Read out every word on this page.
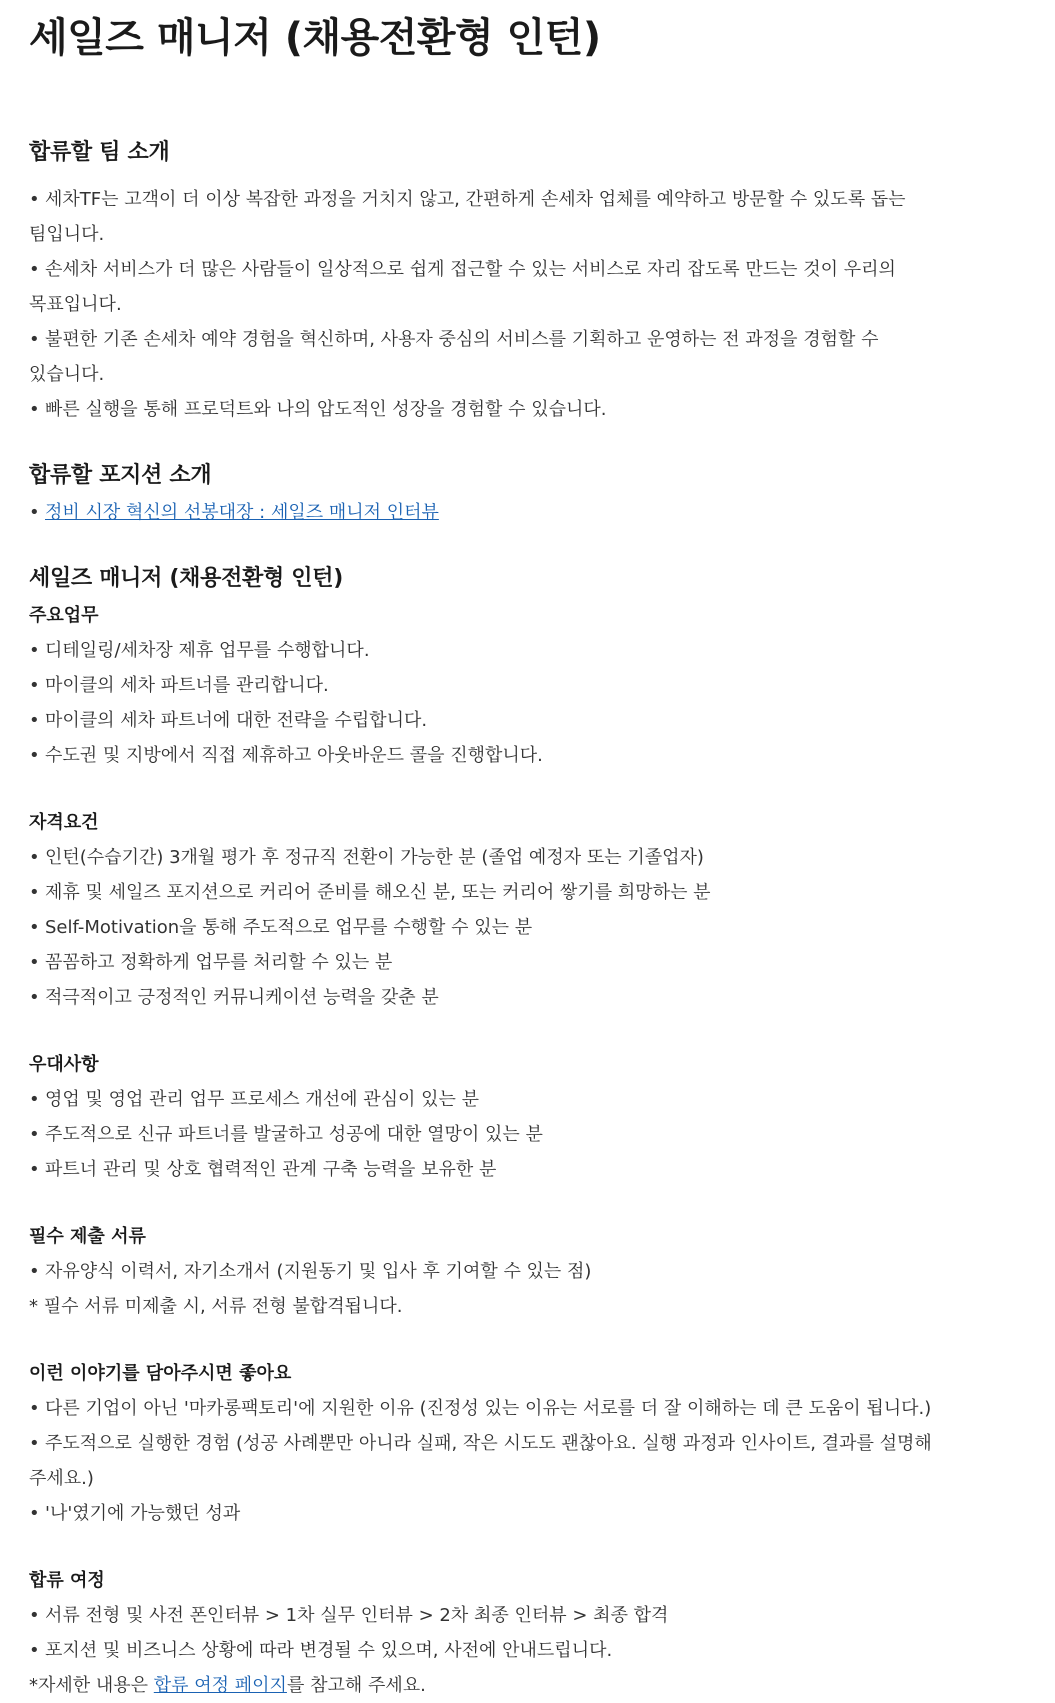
세일즈 매니저 (채용전환형 인턴)
합류할 팀 소개
• 세차TF는 고객이 더 이상 복잡한 과정을 거치지 않고, 간편하게 손세차 업체를 예약하고 방문할 수 있도록 돕는 팀입니다.
• 손세차 서비스가 더 많은 사람들이 일상적으로 쉽게 접근할 수 있는 서비스로 자리 잡도록 만드는 것이 우리의 목표입니다.
• 불편한 기존 손세차 예약 경험을 혁신하며, 사용자 중심의 서비스를 기획하고 운영하는 전 과정을 경험할 수 있습니다.
• 빠른 실행을 통해 프로덕트와 나의 압도적인 성장을 경험할 수 있습니다.
합류할 포지션 소개
• 정비 시장 혁신의 선봉대장 : 세일즈 매니저 인터뷰
세일즈 매니저 (채용전환형 인턴)
주요업무
• 디테일링/세차장 제휴 업무를 수행합니다.
• 마이클의 세차 파트너를 관리합니다.
• 마이클의 세차 파트너에 대한 전략을 수립합니다.
• 수도권 및 지방에서 직접 제휴하고 아웃바운드 콜을 진행합니다.
자격요건
• 인턴(수습기간) 3개월 평가 후 정규직 전환이 가능한 분 (졸업 예정자 또는 기졸업자)
• 제휴 및 세일즈 포지션으로 커리어 준비를 해오신 분, 또는 커리어 쌓기를 희망하는 분
• Self-Motivation을 통해 주도적으로 업무를 수행할 수 있는 분
• 꼼꼼하고 정확하게 업무를 처리할 수 있는 분
• 적극적이고 긍정적인 커뮤니케이션 능력을 갖춘 분
우대사항
• 영업 및 영업 관리 업무 프로세스 개선에 관심이 있는 분
• 주도적으로 신규 파트너를 발굴하고 성공에 대한 열망이 있는 분
• 파트너 관리 및 상호 협력적인 관계 구축 능력을 보유한 분
필수 제출 서류
• 자유양식 이력서, 자기소개서 (지원동기 및 입사 후 기여할 수 있는 점)
* 필수 서류 미제출 시, 서류 전형 불합격됩니다.
이런 이야기를 담아주시면 좋아요
• 다른 기업이 아닌 '마카롱팩토리'에 지원한 이유 (진정성 있는 이유는 서로를 더 잘 이해하는 데 큰 도움이 됩니다.)
• 주도적으로 실행한 경험 (성공 사례뿐만 아니라 실패, 작은 시도도 괜찮아요. 실행 과정과 인사이트, 결과를 설명해 주세요.)
• '나'였기에 가능했던 성과
합류 여정
• 서류 전형 및 사전 폰인터뷰 > 1차 실무 인터뷰 > 2차 최종 인터뷰 > 최종 합격
• 포지션 및 비즈니스 상황에 따라 변경될 수 있으며, 사전에 안내드립니다.
*자세한 내용은 합류 여정 페이지를 참고해 주세요.
